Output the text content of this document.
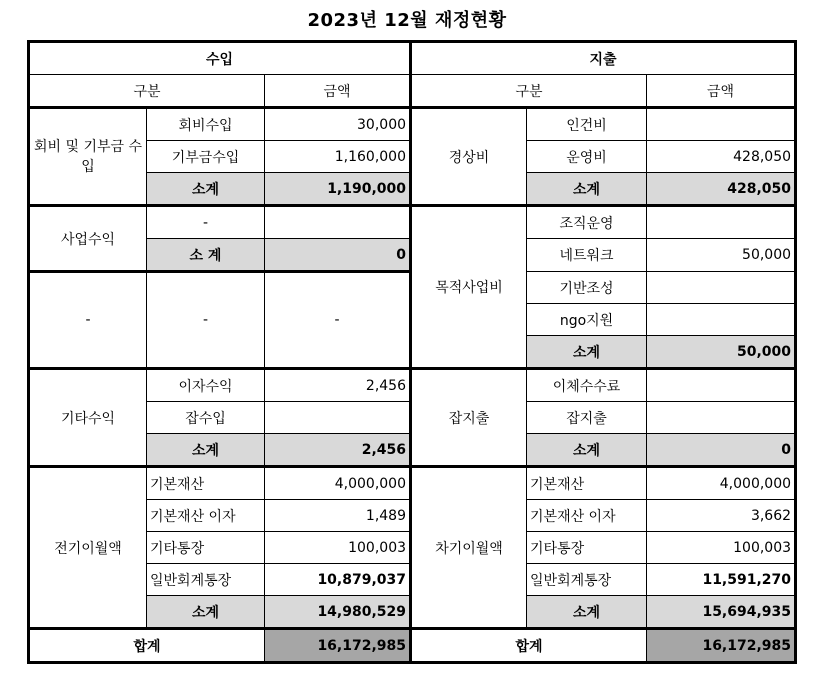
2023년 12월 재정현황
수입			지출		
구분		금액	구분		금액
회비 및 기부금 수입	회비수입	30,000	경상비	인건비	
	기부금수입	1,160,000		운영비	428,050
	소계	1,190,000		소계	428,050
사업수익	-		목적사업비	조직운영	
	소 계	0		네트워크	50,000
-	-	-		기반조성	
				ngo지원	
				소계	50,000
기타수익	이자수익	2,456	잡지출	이체수수료	
	잡수입			잡지출	
	소계	2,456		소계	0
전기이월액	기본재산	4,000,000	차기이월액	기본재산	4,000,000
	기본재산 이자	1,489		기본재산 이자	3,662
	기타통장	100,003		기타통장	100,003
	일반회계통장	10,879,037		일반회계통장	11,591,270
	소계	14,980,529		소계	15,694,935
합계		16,172,985	합계		16,172,985
